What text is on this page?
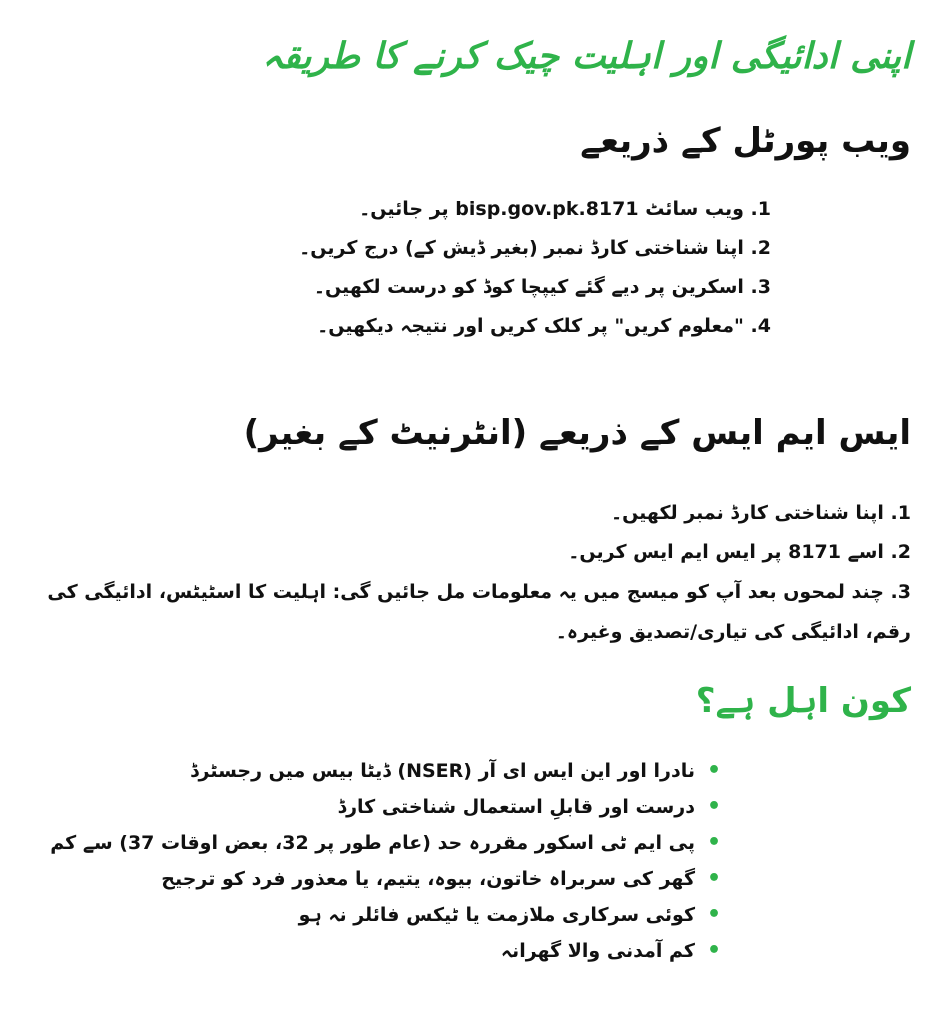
اپنی ادائیگی اور اہلیت چیک کرنے کا طریقہ
ویب پورٹل کے ذریعے
1. ویب سائٹ 8171.bisp.gov.pk پر جائیں۔
2. اپنا شناختی کارڈ نمبر (بغیر ڈیش کے) درج کریں۔
3. اسکرین پر دیے گئے کیپچا کوڈ کو درست لکھیں۔
4. "معلوم کریں" پر کلک کریں اور نتیجہ دیکھیں۔
ایس ایم ایس کے ذریعے (انٹرنیٹ کے بغیر)
1. اپنا شناختی کارڈ نمبر لکھیں۔
2. اسے 8171 پر ایس ایم ایس کریں۔
3. چند لمحوں بعد آپ کو میسج میں یہ معلومات مل جائیں گی: اہلیت کا اسٹیٹس، ادائیگی کی رقم، ادائیگی کی تیاری/تصدیق وغیرہ۔
کون اہل ہے؟
•
نادرا اور این ایس ای آر (NSER) ڈیٹا بیس میں رجسٹرڈ
•
درست اور قابلِ استعمال شناختی کارڈ
•
پی ایم ٹی اسکور مقررہ حد (عام طور پر 32، بعض اوقات 37) سے کم
•
گھر کی سربراہ خاتون، بیوہ، یتیم، یا معذور فرد کو ترجیح
•
کوئی سرکاری ملازمت یا ٹیکس فائلر نہ ہو
•
کم آمدنی والا گھرانہ
